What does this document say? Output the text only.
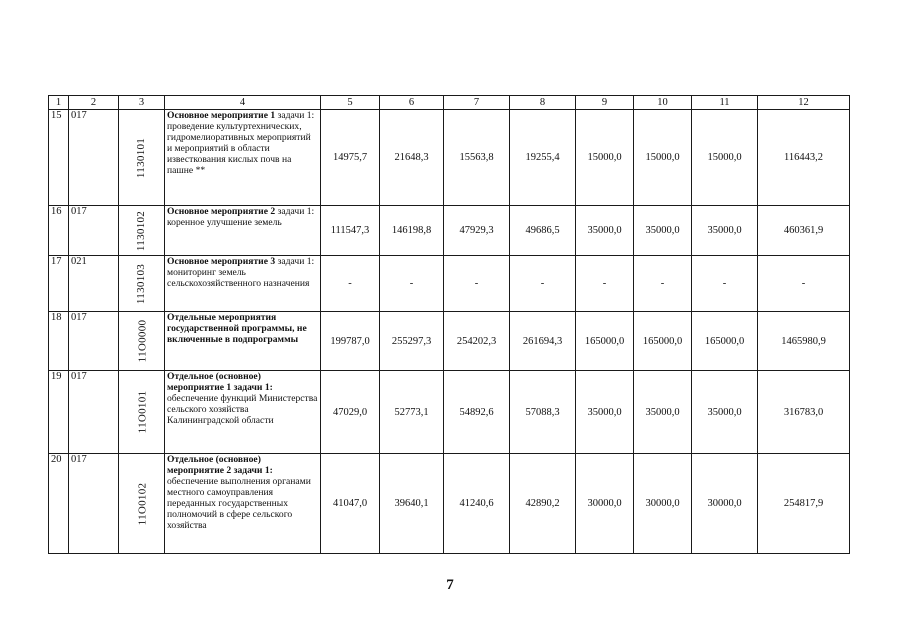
1	2	3	4	5	6	7	8	9	10	11	12
15	017	1130101	Основное мероприятие 1 задачи 1: проведение культуртехнических, гидромелиоративных мероприятий и мероприятий в области известкования кислых почв на пашне **	14975,7	21648,3	15563,8	19255,4	15000,0	15000,0	15000,0	116443,2
16	017	1130102	Основное мероприятие 2 задачи 1: коренное улучшение земель	111547,3	146198,8	47929,3	49686,5	35000,0	35000,0	35000,0	460361,9
17	021	1130103	Основное мероприятие 3 задачи 1: мониторинг земель сельскохозяйственного назначения	-	-	-	-	-	-	-	-
18	017	11О0000	Отдельные мероприятия государственной программы, не включенные в подпрограммы	199787,0	255297,3	254202,3	261694,3	165000,0	165000,0	165000,0	1465980,9
19	017	11О0101	Отдельное (основное) мероприятие 1 задачи 1: обеспечение функций Министерства сельского хозяйства Калининградской области	47029,0	52773,1	54892,6	57088,3	35000,0	35000,0	35000,0	316783,0
20	017	11О0102	Отдельное (основное) мероприятие 2 задачи 1: обеспечение выполнения органами местного самоуправления переданных государственных полномочий в сфере сельского хозяйства	41047,0	39640,1	41240,6	42890,2	30000,0	30000,0	30000,0	254817,9
7
